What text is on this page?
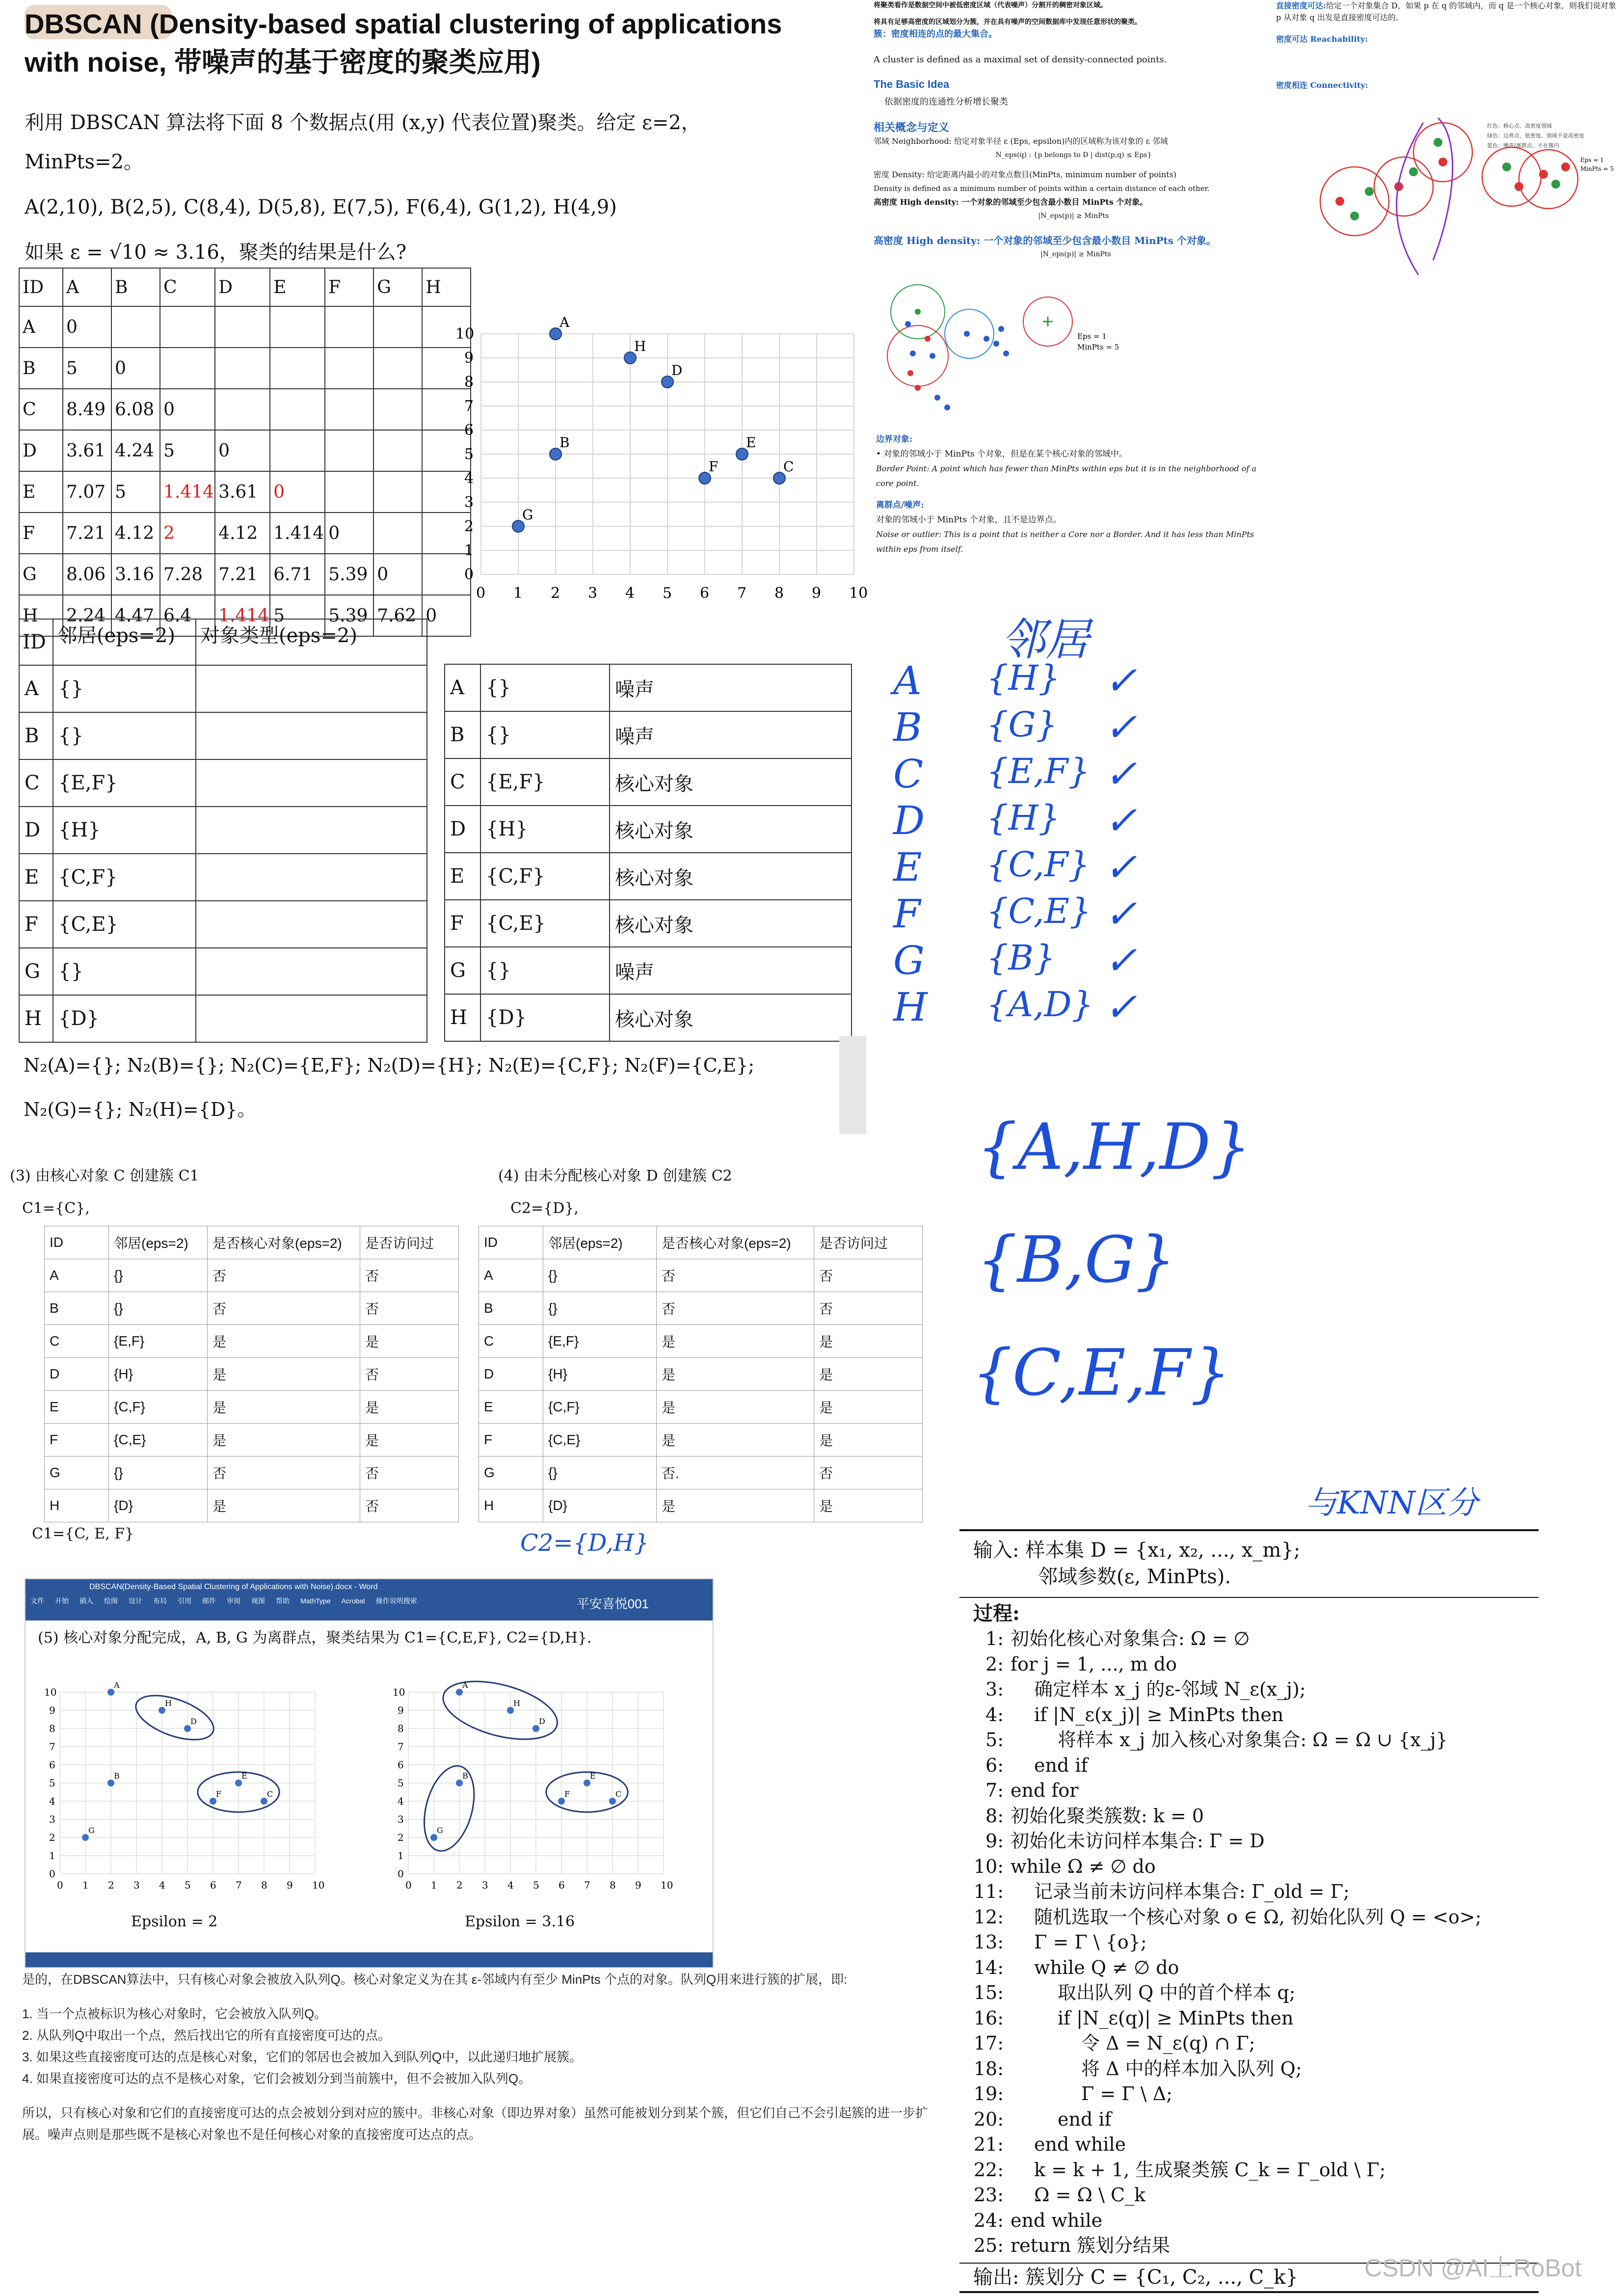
DBSCAN (Density-based spatial clustering of applications
with noise, 带噪声的基于密度的聚类应用)
利用 DBSCAN 算法将下面 8 个数据点(用 (x,y) 代表位置)聚类。给定 ε=2，
MinPts=2。
A(2,10), B(2,5), C(8,4), D(5,8), E(7,5), F(6,4), G(1,2), H(4,9)
如果 ε = √10 ≈ 3.16，聚类的结果是什么?
ID	A	B	C	D	E	F	G	H
A	0							
B	5	0						
C	8.49	6.08	0					
D	3.61	4.24	5	0				
E	7.07	5	1.414	3.61	0			
F	7.21	4.12	2	4.12	1.414	0		
G	8.06	3.16	7.28	7.21	6.71	5.39	0	
H	2.24	4.47	6.4	1.414	5	5.39	7.62	0
0 1 2 3 4 5 6 7 8 9 10
0
1
2
3
4
5
6
7
8
9
10
A
B
C
D
E
F
G
H
ID	邻居(eps=2)	对象类型(eps=2)
A	{}	
B	{}	
C	{E,F}	
D	{H}	
E	{C,F}	
F	{C,E}	
G	{}	
H	{D}	
A	{}	噪声
B	{}	噪声
C	{E,F}	核心对象
D	{H}	核心对象
E	{C,F}	核心对象
F	{C,E}	核心对象
G	{}	噪声
H	{D}	核心对象
N₂(A)={}; N₂(B)={}; N₂(C)={E,F}; N₂(D)={H}; N₂(E)={C,F}; N₂(F)={C,E};
N₂(G)={}; N₂(H)={D}。
(3) 由核心对象 C 创建簇 C1
C1={C},
ID	邻居(eps=2)	是否核心对象(eps=2)	是否访问过
A	{}	否	否
B	{}	否	否
C	{E,F}	是	是
D	{H}	是	否
E	{C,F}	是	是
F	{C,E}	是	是
G	{}	否	否
H	{D}	是	否
C1={C, E, F}
(4) 由未分配核心对象 D 创建簇 C2
C2={D},
ID	邻居(eps=2)	是否核心对象(eps=2)	是否访问过
A	{}	否	否
B	{}	否	否
C	{E,F}	是	是
D	{H}	是	是
E	{C,F}	是	是
F	{C,E}	是	是
G	{}	否.	否
H	{D}	是	是
DBSCAN(Density-Based Spatial Clustering of Applications with Noise).docx - Word
文件 开始 插入 绘图 设计 布局 引用 邮件 审阅 视图 帮助 MathType Acrobat 操作说明搜索	平安喜悦001
(5) 核心对象分配完成，A, B, G 为离群点，聚类结果为 C1={C,E,F}, C2={D,H}.
0 1 2 3 4 5 6 7 8 9 10
0
1
2
3
4
5
6
7
8
9
10
A
B
C
D
E
F
G
H
0 1 2 3 4 5 6 7 8 9 10
0
1
2
3
4
5
6
7
8
9
10
A
B
C
D
E
F
G
H
Epsilon = 2	Epsilon = 3.16
是的，在DBSCAN算法中，只有核心对象会被放入队列Q。核心对象定义为在其 ε-邻域内有至少 MinPts 个点的对象。队列Q用来进行簇的扩展，即:
1. 当一个点被标识为核心对象时，它会被放入队列Q。
2. 从队列Q中取出一个点，然后找出它的所有直接密度可达的点。
3. 如果这些直接密度可达的点是核心对象，它们的邻居也会被加入到队列Q中，以此递归地扩展簇。
4. 如果直接密度可达的点不是核心对象，它们会被划分到当前簇中，但不会被加入队列Q。
所以，只有核心对象和它们的直接密度可达的点会被划分到对应的簇中。非核心对象（即边界对象）虽然可能被划分到某个簇，但它们自己不会引起簇的进一步扩展。噪声点则是那些既不是核心对象也不是任何核心对象的直接密度可达点的点。
将聚类看作是数据空间中被低密度区域（代表噪声）分割开的稠密对象区域。
将具有足够高密度的区域划分为簇，并在具有噪声的空间数据库中发现任意形状的聚类。
簇：密度相连的点的最大集合。
A cluster is defined as a maximal set of density-connected points.
The Basic Idea
依据密度的连通性分析增长聚类
相关概念与定义
邻域 Neighborhood: 给定对象半径 ε (Eps, epsilon)内的区域称为该对象的 ε 邻域
N_eps(q) : {p belongs to D | dist(p,q) ≤ Eps}
密度 Density: 给定距离内最小的对象点数目(MinPts, minimum number of points)
Density is defined as a minimum number of points within a certain distance of each other.
高密度 High density: 一个对象的邻域至少包含最小数目 MinPts 个对象。
|N_eps(p)| ≥ MinPts
高密度 High density: 一个对象的邻域至少包含最小数目 MinPts 个对象。
|N_eps(p)| ≥ MinPts
Eps = 1
MinPts = 5
边界对象:
• 对象的邻域小于 MinPts 个对象，但是在某个核心对象的邻域中。
Border Point: A point which has fewer than MinPts within eps but it is in the neighborhood of a core point.
离群点/噪声:
对象的邻域小于 MinPts 个对象，且不是边界点。
Noise or outlier: This is a point that is neither a Core nor a Border. And it has less than MinPts within eps from itself.
直接密度可达:给定一个对象集合 D，如果 p 在 q 的邻域内，而 q 是一个核心对象，则我们说对象 p 从对象 q 出发是直接密度可达的。
密度可达 Reachability:
密度相连 Connectivity:
红色：核心点、高密度领域
绿色：边界点、低密度、领域不是高密度
蓝色：噪声/离群点、不在簇内
Eps = 1
MinPts = 5
邻居
A {H} ✓
B {G} ✓
C {E,F} ✓
D {H} ✓
E {C,F} ✓
F {C,E} ✓
G {B} ✓
H {A,D} ✓
{A,H,D}
{B,G}
{C,E,F}
与KNN区分
C2={D,H}	输入: 样本集 D = {x₁, x₂, ..., x_m};
邻域参数(ε, MinPts).
过程:
1: 初始化核心对象集合: Ω = ∅
2: for j = 1, ..., m do
3: 确定样本 x_j 的ε-邻域 N_ε(x_j);
4: if |N_ε(x_j)| ≥ MinPts then
5:	将样本 x_j 加入核心对象集合: Ω = Ω ∪ {x_j}
6: end if
7: end for
8: 初始化聚类簇数: k = 0
9: 初始化未访问样本集合: Γ = D
10: while Ω ≠ ∅ do
11: 记录当前未访问样本集合: Γ_old = Γ;
12: 随机选取一个核心对象 o ∈ Ω, 初始化队列 Q = <o>;
13: Γ = Γ \ {o};
14: while Q ≠ ∅ do
15:	取出队列 Q 中的首个样本 q;
16:	if |N_ε(q)| ≥ MinPts then
17:	令 Δ = N_ε(q) ∩ Γ;
18:	将 Δ 中的样本加入队列 Q;
19:	Γ = Γ \ Δ;
20:	end if
21: end while
22: k = k + 1, 生成聚类簇 C_k = Γ_old \ Γ;
23: Ω = Ω \ C_k
24: end while
25: return 簇划分结果
输出: 簇划分 C = {C₁, C₂, ..., C_k}	CSDN @AI上RoBot
